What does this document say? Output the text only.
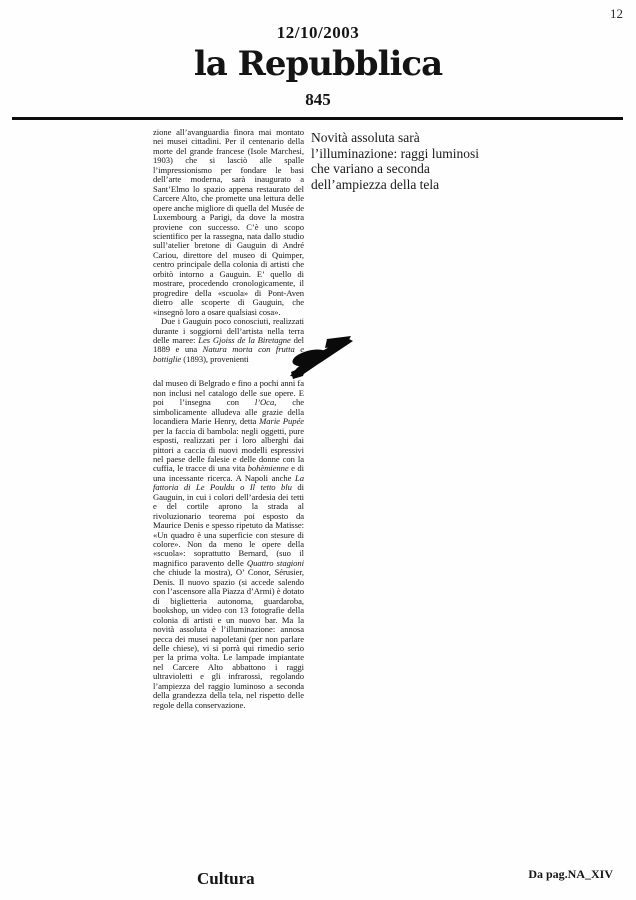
12
12/10/2003
la Repubblica
845

zione all’avanguardia finora mai montato nei musei cittadini. Per il centenario della morte del grande francese (Isole Marchesi, 1903) che si lasciò alle spalle l’impressionismo per fondare le basi dell’arte moderna, sarà inaugurato a Sant’Elmo lo spazio appena restaurato del Carcere Alto, che promette una lettura delle opere anche migliore di quella del Musée de Luxembourg a Parigi, da dove la mostra proviene con successo. C’è uno scopo scientifico per la rassegna, nata dallo studio sull’atelier bretone di Gauguin di André Cariou, direttore del museo di Quimper, centro principale della colonia di artisti che orbitò intorno a Gauguin. E’ quello di mostrare, procedendo cronologicamente, il progredire della «scuola» di Pont-Aven dietro alle scoperte di Gauguin, che «insegnò loro a osare qualsiasi cosa».

Due i Gauguin poco conosciuti, realizzati durante i soggiorni dell’artista nella terra delle maree: Les Gjoiss de la Biretagne del 1889 e una Natura morta con frutta e bottiglie (1893), provenienti

dal museo di Belgrado e fino a pochi anni fa non inclusi nel catalogo delle sue opere. E poi l’insegna con l’Oca, che simbolicamente alludeva alle grazie della locandiera Marie Henry, detta Marie Pupée per la faccia di bambola: negli oggetti, pure esposti, realizzati per i loro alberghi dai pittori a caccia di nuovi modelli espressivi nel paese delle falesie e delle donne con la cuffia, le tracce di una vita bohèmienne e di una incessante ricerca. A Napoli anche La fattoria di Le Pouldu o Il tetto blu di Gauguin, in cui i colori dell’ardesia dei tetti e del cortile aprono la strada al rivoluzionario teorema poi esposto da Maurice Denis e spesso ripetuto da Matisse: «Un quadro è una superficie con stesure di colore». Non da meno le opere della «scuola»: soprattutto Bernard, (suo il magnifico paravento delle Quattro stagioni che chiude la mostra), O’ Conor, Sérusier, Denis. Il nuovo spazio (si accede salendo con l’ascensore alla Piazza d’Armi) è dotato di biglietteria autonoma, guardaroba, bookshop, un video con 13 fotografie della colonia di artisti e un nuovo bar. Ma la novità assoluta è l’illuminazione: annosa pecca dei musei napoletani (per non parlare delle chiese), vi si porrà qui rimedio serio per la prima volta. Le lampade impiantate nel Carcere Alto abbattono i raggi ultravioletti e gli infrarossi, regolando l’ampiezza del raggio luminoso a seconda della grandezza della tela, nel rispetto delle regole della conservazione.

Novità assoluta sarà
l’illuminazione: raggi luminosi
che variano a seconda
dell’ampiezza della tela
Cultura	Da pag.NA_XIV
